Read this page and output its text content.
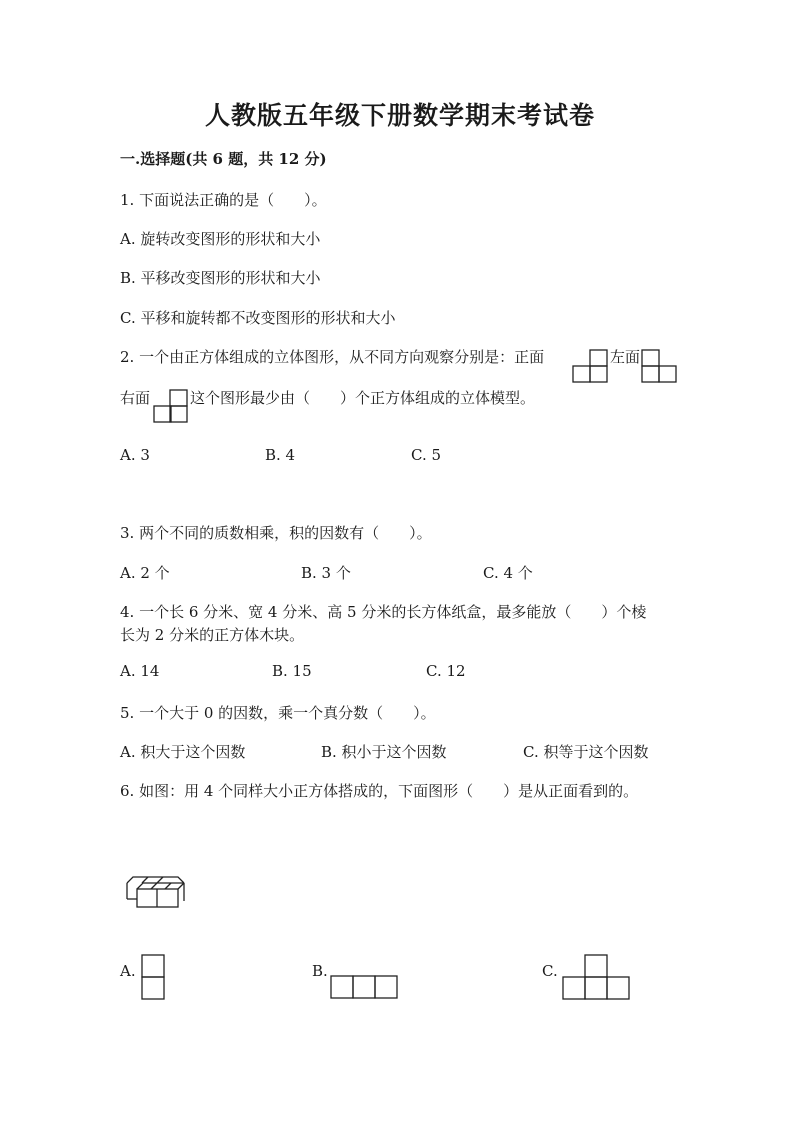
人教版五年级下册数学期末考试卷
一.选择题(共 6 题，共 12 分)
1. 下面说法正确的是（　　）。
A. 旋转改变图形的形状和大小
B. 平移改变图形的形状和大小
C. 平移和旋转都不改变图形的形状和大小
2. 一个由正方体组成的立体图形，从不同方向观察分别是：正面	左面
右面	这个图形最少由（　　）个正方体组成的立体模型。
A. 3	B. 4	C. 5
3. 两个不同的质数相乘，积的因数有（　　）。
A. 2 个	B. 3 个	C. 4 个
4. 一个长 6 分米、宽 4 分米、高 5 分米的长方体纸盒，最多能放（　　）个棱
长为 2 分米的正方体木块。
A. 14	B. 15	C. 12
5. 一个大于 0 的因数，乘一个真分数（　　）。
A. 积大于这个因数	B. 积小于这个因数	C. 积等于这个因数
6. 如图：用 4 个同样大小正方体搭成的，下面图形（　　）是从正面看到的。
A.	B.	C.
